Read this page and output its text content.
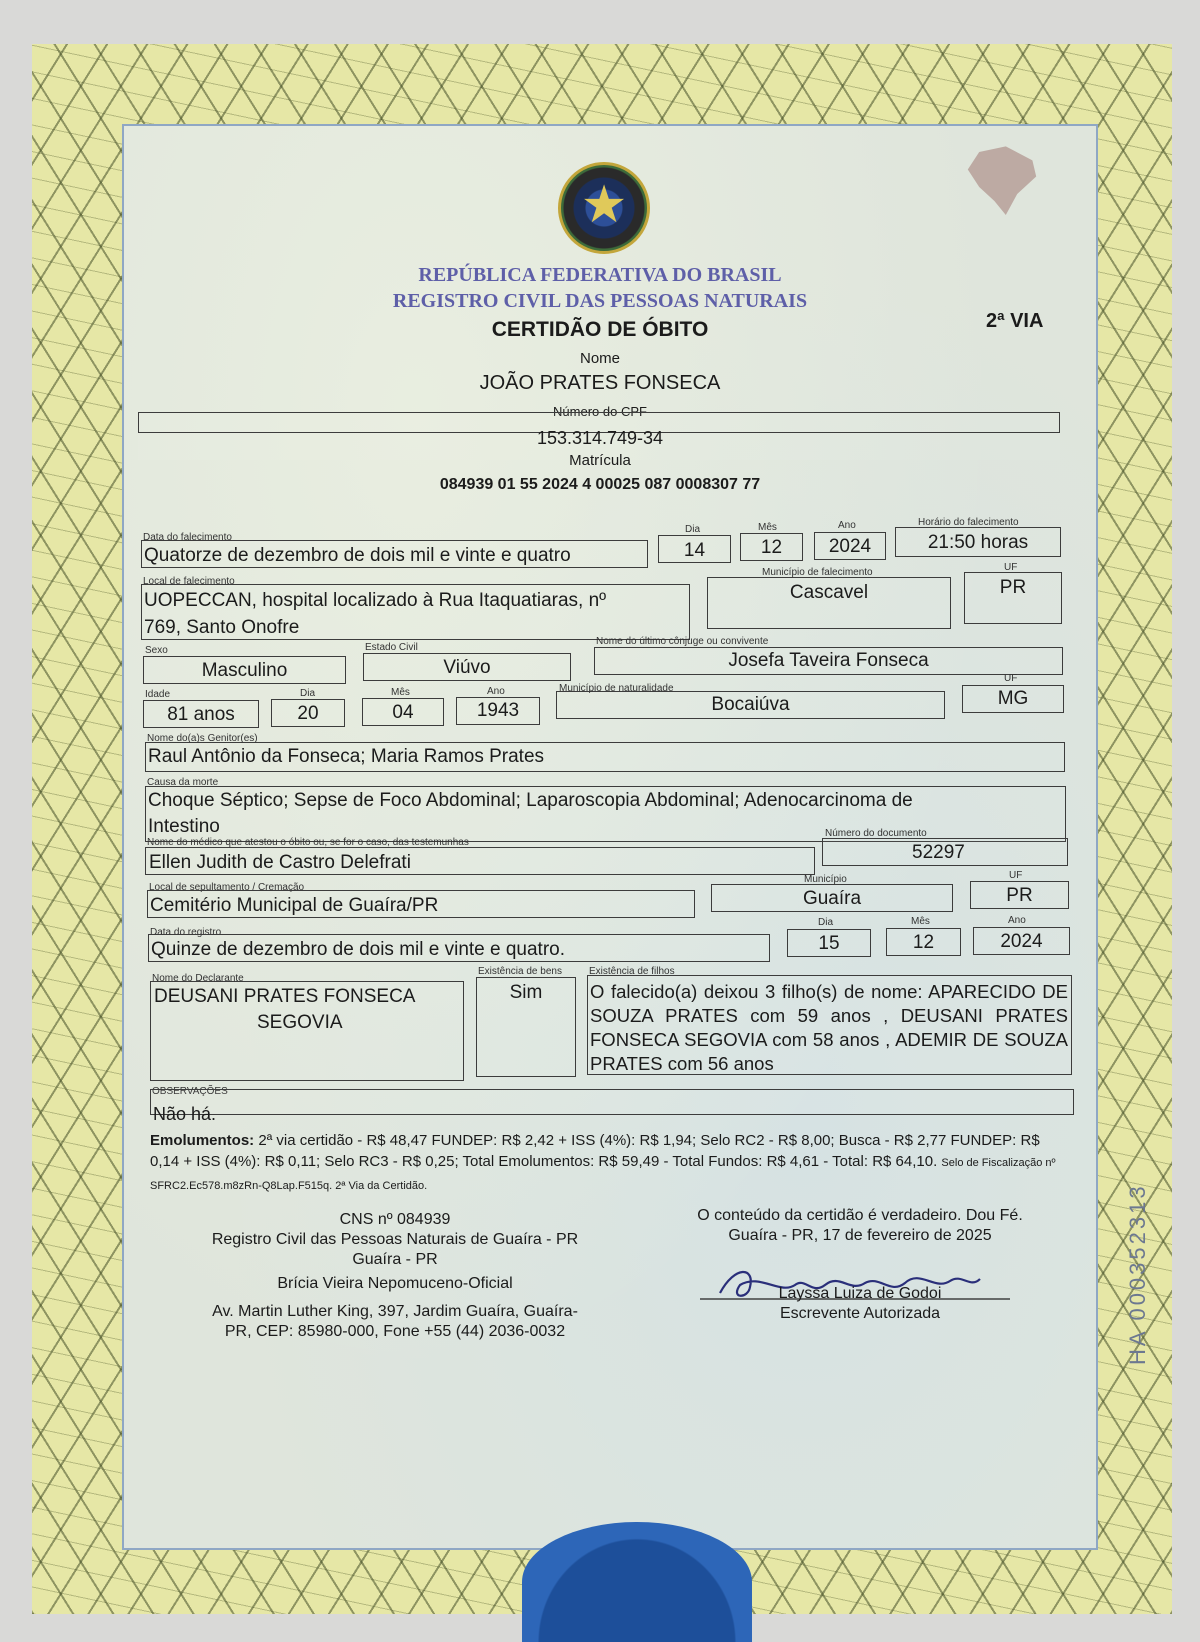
★
REPÚBLICA FEDERATIVA DO BRASIL
REGISTRO CIVIL DAS PESSOAS NATURAIS
CERTIDÃO DE ÓBITO	2ª VIA
Nome
JOÃO PRATES FONSECA
Número do CPF
153.314.749-34
Matrícula
084939 01 55 2024 4 00025 087 0008307 77
Data do falecimento
Quatorze de dezembro de dois mil e vinte e quatro
Dia
14
Mês
12
Ano
2024
Horário do falecimento
21:50 horas
Local de falecimento
UOPECCAN, hospital localizado à Rua Itaquatiaras, nº
769, Santo Onofre
Município de falecimento
Cascavel
UF
PR
Sexo
Masculino
Estado Civil
Viúvo
Nome do último cônjuge ou convivente
Josefa Taveira Fonseca
Idade
81 anos
Dia
20
Mês
04
Ano
1943
Município de naturalidade
Bocaiúva
UF
MG
Nome do(a)s Genitor(es)
Raul Antônio da Fonseca; Maria Ramos Prates
Causa da morte
Choque Séptico; Sepse de Foco Abdominal; Laparoscopia Abdominal; Adenocarcinoma de
Intestino
Nome do médico que atestou o óbito ou, se for o caso, das testemunhas
Ellen Judith de Castro Delefrati
Número do documento
52297
Local de sepultamento / Cremação
Cemitério Municipal de Guaíra/PR
Município
Guaíra
UF
PR
Data do registro
Quinze de dezembro de dois mil e vinte e quatro.
Dia
15
Mês
12
Ano
2024
Nome do Declarante
DEUSANI PRATES FONSECA
SEGOVIA
Existência de bens
Sim
Existência de filhos
O falecido(a) deixou 3 filho(s) de nome: APARECIDO DE SOUZA PRATES com 59 anos , DEUSANI PRATES FONSECA SEGOVIA com 58 anos , ADEMIR DE SOUZA PRATES com 56 anos
OBSERVAÇÕES
Não há.
Emolumentos: 2ª via certidão - R$ 48,47 FUNDEP: R$ 2,42 + ISS (4%): R$ 1,94; Selo RC2 - R$ 8,00; Busca - R$ 2,77 FUNDEP: R$ 0,14 + ISS (4%): R$ 0,11; Selo RC3 - R$ 0,25; Total Emolumentos: R$ 59,49 - Total Fundos: R$ 4,61 - Total: R$ 64,10. Selo de Fiscalização nº SFRC2.Ec578.m8zRn-Q8Lap.F515q. 2ª Via da Certidão.
CNS nº 084939
Registro Civil das Pessoas Naturais de Guaíra - PR
Guaíra - PR
Brícia Vieira Nepomuceno-Oficial
Av. Martin Luther King, 397, Jardim Guaíra, Guaíra-
PR, CEP: 85980-000, Fone +55 (44) 2036-0032
O conteúdo da certidão é verdadeiro. Dou Fé.
Guaíra - PR, 17 de fevereiro de 2025
Layssa Luiza de Godoi
Escrevente Autorizada	HA 000352313
